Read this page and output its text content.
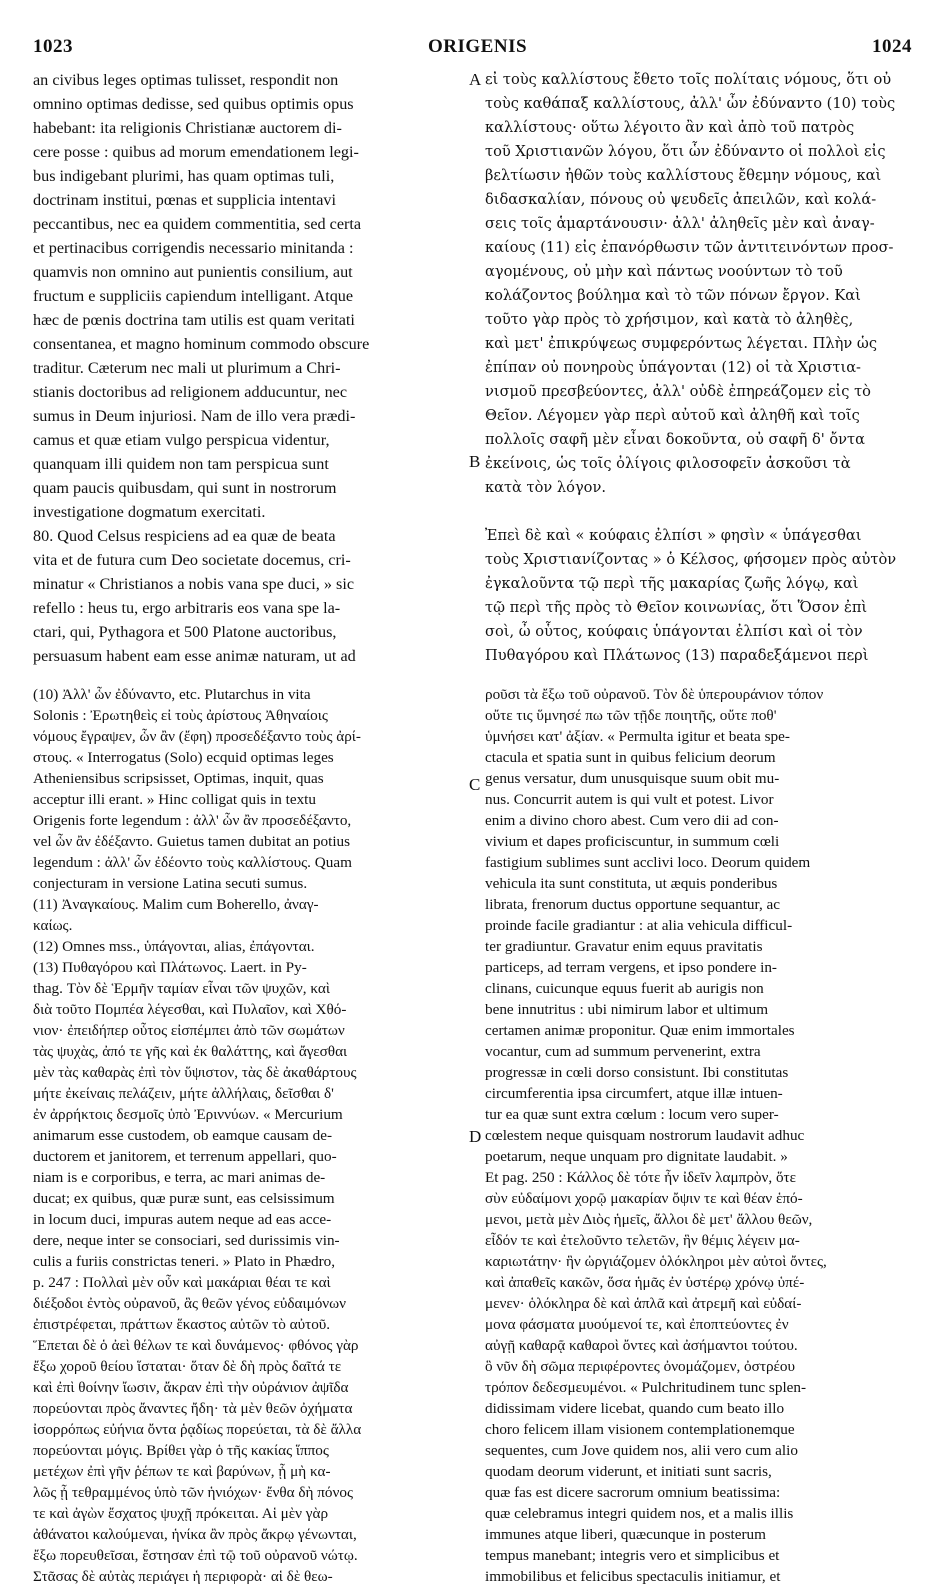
1023	ORIGENIS	1024
A
B
C
D
an civibus leges optimas tulisset, respondit non
omnino optimas dedisse, sed quibus optimis opus
habebant: ita religionis Christianæ auctorem di-
cere posse : quibus ad morum emendationem legi-
bus indigebant plurimi, has quam optimas tuli,
doctrinam institui, pœnas et supplicia intentavi
peccantibus, nec ea quidem commentitia, sed certa
et pertinacibus corrigendis necessario minitanda :
quamvis non omnino aut punientis consilium, aut
fructum e suppliciis capiendum intelligant. Atque
hæc de pœnis doctrina tam utilis est quam veritati
consentanea, et magno hominum commodo obscure
traditur. Cæterum nec mali ut plurimum a Chri-
stianis doctoribus ad religionem adducuntur, nec
sumus in Deum injuriosi. Nam de illo vera prædi-
camus et quæ etiam vulgo perspicua videntur,
quanquam illi quidem non tam perspicua sunt
quam paucis quibusdam, qui sunt in nostrorum
investigatione dogmatum exercitati.
80. Quod Celsus respiciens ad ea quæ de beata
vita et de futura cum Deo societate docemus, cri-
minatur « Christianos a nobis vana spe duci, » sic
refello : heus tu, ergo arbitraris eos vana spe la-
ctari, qui, Pythagora et 500 Platone auctoribus,
persuasum habent eam esse animæ naturam, ut ad
εἰ τοὺς καλλίστους ἔθετο τοῖς πολίταις νόμους, ὅτι οὐ
τοὺς καθάπαξ καλλίστους, ἀλλ' ὧν ἐδύναντο (10) τοὺς
καλλίστους· οὕτω λέγοιτο ἂν καὶ ἀπὸ τοῦ πατρὸς
τοῦ Χριστιανῶν λόγου, ὅτι ὧν ἐδύναντο οἱ πολλοὶ εἰς
βελτίωσιν ἠθῶν τοὺς καλλίστους ἔθεμην νόμους, καὶ
διδασκαλίαν, πόνους οὐ ψευδεῖς ἀπειλῶν, καὶ κολά-
σεις τοῖς ἁμαρτάνουσιν· ἀλλ' ἀληθεῖς μὲν καὶ ἀναγ-
καίους (11) εἰς ἐπανόρθωσιν τῶν ἀντιτεινόντων προσ-
αγομένους, οὐ μὴν καὶ πάντως νοούντων τὸ τοῦ
κολάζοντος βούλημα καὶ τὸ τῶν πόνων ἔργον. Καὶ
τοῦτο γὰρ πρὸς τὸ χρήσιμον, καὶ κατὰ τὸ ἀληθὲς,
καὶ μετ' ἐπικρύψεως συμφερόντως λέγεται. Πλὴν ὡς
ἐπίπαν οὐ πονηροὺς ὑπάγονται (12) οἱ τὰ Χριστια-
νισμοῦ πρεσβεύοντες, ἀλλ' οὐδὲ ἐπηρεάζομεν εἰς τὸ
Θεῖον. Λέγομεν γὰρ περὶ αὐτοῦ καὶ ἀληθῆ καὶ τοῖς
πολλοῖς σαφῆ μὲν εἶναι δοκοῦντα, οὐ σαφῆ δ' ὄντα
ἐκείνοις, ὡς τοῖς ὀλίγοις φιλοσοφεῖν ἀσκοῦσι τὰ
κατὰ τὸν λόγον.
Ἐπεὶ δὲ καὶ « κούφαις ἐλπίσι » φησὶν « ὑπάγεσθαι
τοὺς Χριστιανίζοντας » ὁ Κέλσος, φήσομεν πρὸς αὐτὸν
ἐγκαλοῦντα τῷ περὶ τῆς μακαρίας ζωῆς λόγῳ, καὶ
τῷ περὶ τῆς πρὸς τὸ Θεῖον κοινωνίας, ὅτι Ὅσον ἐπὶ
σοὶ, ὦ οὗτος, κούφαις ὑπάγονται ἐλπίσι καὶ οἱ τὸν
Πυθαγόρου καὶ Πλάτωνος (13) παραδεξάμενοι περὶ
(10) Ἀλλ' ὧν ἐδύναντο, etc. Plutarchus in vita
Solonis : Ἐρωτηθεὶς εἰ τοὺς ἀρίστους Ἀθηναίοις
νόμους ἔγραψεν, ὧν ἂν (ἔφη) προσεδέξαντο τοὺς ἀρί-
στους. « Interrogatus (Solo) ecquid optimas leges
Atheniensibus scripsisset, Optimas, inquit, quas
acceptur illi erant. » Hinc colligat quis in textu
Origenis forte legendum : ἀλλ' ὧν ἂν προσεδέξαντο,
vel ὧν ἂν ἐδέξαντο. Guietus tamen dubitat an potius
legendum : ἀλλ' ὧν ἐδέοντο τοὺς καλλίστους. Quam
conjecturam in versione Latina secuti sumus.
(11) Ἀναγκαίους. Malim cum Boherello, ἀναγ-
καίως.
(12) Omnes mss., ὑπάγονται, alias, ἐπάγονται.
(13) Πυθαγόρου καὶ Πλάτωνος. Laert. in Py-
thag. Τὸν δὲ Ἑρμῆν ταμίαν εἶναι τῶν ψυχῶν, καὶ
διὰ τοῦτο Πομπέα λέγεσθαι, καὶ Πυλαῖον, καὶ Χθό-
νιον· ἐπειδήπερ οὗτος εἰσπέμπει ἀπὸ τῶν σωμάτων
τὰς ψυχὰς, ἀπό τε γῆς καὶ ἐκ θαλάττης, καὶ ἄγεσθαι
μὲν τὰς καθαρὰς ἐπὶ τὸν ὕψιστον, τὰς δὲ ἀκαθάρτους
μήτε ἐκείναις πελάζειν, μήτε ἀλλήλαις, δεῖσθαι δ'
ἐν ἀρρήκτοις δεσμοῖς ὑπὸ Ἐριννύων. « Mercurium
animarum esse custodem, ob eamque causam de-
ductorem et janitorem, et terrenum appellari, quo-
niam is e corporibus, e terra, ac mari animas de-
ducat; ex quibus, quæ puræ sunt, eas celsissimum
in locum duci, impuras autem neque ad eas acce-
dere, neque inter se consociari, sed durissimis vin-
culis a furiis constrictas teneri. » Plato in Phædro,
p. 247 : Πολλαὶ μὲν οὖν καὶ μακάριαι θέαι τε καὶ
διέξοδοι ἐντὸς οὐρανοῦ, ἃς θεῶν γένος εὐδαιμόνων
ἐπιστρέφεται, πράττων ἕκαστος αὐτῶν τὸ αὐτοῦ.
Ἕπεται δὲ ὁ ἀεὶ θέλων τε καὶ δυνάμενος· φθόνος γὰρ
ἔξω χοροῦ θείου ἵσταται· ὅταν δὲ δὴ πρὸς δαῖτά τε
καὶ ἐπὶ θοίνην ἴωσιν, ἄκραν ἐπὶ τὴν οὐράνιον ἀψῖδα
πορεύονται πρὸς ἄναντες ἤδη· τὰ μὲν θεῶν ὀχήματα
ἰσορρόπως εὐήνια ὄντα ῥᾳδίως πορεύεται, τὰ δὲ ἄλλα
πορεύονται μόγις. Βρίθει γὰρ ὁ τῆς κακίας ἵππος
μετέχων ἐπὶ γῆν ῥέπων τε καὶ βαρύνων, ᾗ μὴ κα-
λῶς ᾖ τεθραμμένος ὑπὸ τῶν ἡνιόχων· ἔνθα δὴ πόνος
τε καὶ ἀγὼν ἔσχατος ψυχῇ πρόκειται. Αἱ μὲν γὰρ
ἀθάνατοι καλούμεναι, ἡνίκα ἂν πρὸς ἄκρῳ γένωνται,
ἔξω πορευθεῖσαι, ἔστησαν ἐπὶ τῷ τοῦ οὐρανοῦ νώτῳ.
Στᾶσας δὲ αὐτὰς περιάγει ἡ περιφορὰ· αἱ δὲ θεω-
ροῦσι τὰ ἔξω τοῦ οὐρανοῦ. Τὸν δὲ ὑπερουράνιον τόπον
οὔτε τις ὕμνησέ πω τῶν τῇδε ποιητῆς, οὔτε ποθ'
ὑμνήσει κατ' ἀξίαν. « Permulta igitur et beata spe-
ctacula et spatia sunt in quibus felicium deorum
genus versatur, dum unusquisque suum obit mu-
nus. Concurrit autem is qui vult et potest. Livor
enim a divino choro abest. Cum vero dii ad con-
vivium et dapes proficiscuntur, in summum cœli
fastigium sublimes sunt acclivi loco. Deorum quidem
vehicula ita sunt constituta, ut æquis ponderibus
librata, frenorum ductus opportune sequantur, ac
proinde facile gradiantur : at alia vehicula difficul-
ter gradiuntur. Gravatur enim equus pravitatis
particeps, ad terram vergens, et ipso pondere in-
clinans, cuicunque equus fuerit ab aurigis non
bene innutritus : ubi nimirum labor et ultimum
certamen animæ proponitur. Quæ enim immortales
vocantur, cum ad summum pervenerint, extra
progressæ in cœli dorso consistunt. Ibi constitutas
circumferentia ipsa circumfert, atque illæ intuen-
tur ea quæ sunt extra cœlum : locum vero super-
cœlestem neque quisquam nostrorum laudavit adhuc
poetarum, neque unquam pro dignitate laudabit. »
Et pag. 250 : Κάλλος δὲ τότε ἦν ἰδεῖν λαμπρὸν, ὅτε
σὺν εὐδαίμονι χορῷ μακαρίαν ὄψιν τε καὶ θέαν ἑπό-
μενοι, μετὰ μὲν Διὸς ἡμεῖς, ἄλλοι δὲ μετ' ἄλλου θεῶν,
εἶδόν τε καὶ ἐτελοῦντο τελετῶν, ἣν θέμις λέγειν μα-
καριωτάτην· ἣν ὠργιάζομεν ὁλόκληροι μὲν αὐτοὶ ὄντες,
καὶ ἀπαθεῖς κακῶν, ὅσα ἡμᾶς ἐν ὑστέρῳ χρόνῳ ὑπέ-
μενεν· ὁλόκληρα δὲ καὶ ἁπλᾶ καὶ ἀτρεμῆ καὶ εὐδαί-
μονα φάσματα μυούμενοί τε, καὶ ἐποπτεύοντες ἐν
αὐγῇ καθαρᾷ καθαροὶ ὄντες καὶ ἀσήμαντοι τούτου.
ὃ νῦν δὴ σῶμα περιφέροντες ὀνομάζομεν, ὀστρέου
τρόπον δεδεσμευμένοι. « Pulchritudinem tunc splen-
didissimam videre licebat, quando cum beato illo
choro felicem illam visionem contemplationemque
sequentes, cum Jove quidem nos, alii vero cum alio
quodam deorum viderunt, et initiati sunt sacris,
quæ fas est dicere sacrorum omnium beatissima:
quæ celebramus integri quidem nos, et a malis illis
immunes atque liberi, quæcunque in posterum
tempus manebant; integris vero et simplicibus et
immobilibus et felicibus spectaculis initiamur, et
